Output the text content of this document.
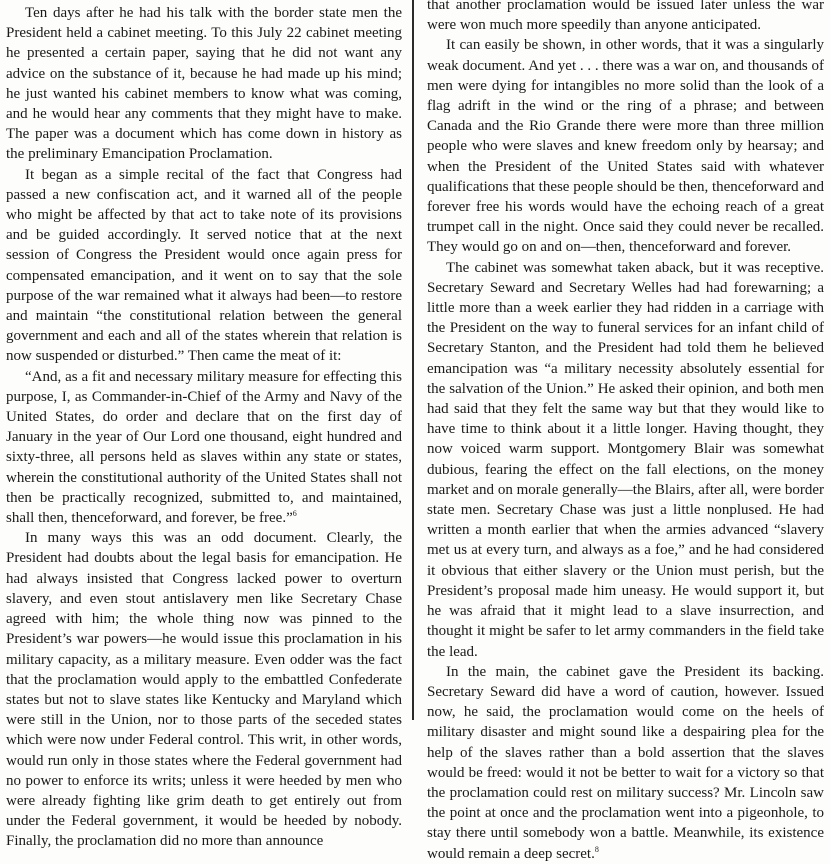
Ten days after he had his talk with the border state men the President held a cabinet meeting. To this July 22 cabinet meeting he presented a certain paper, saying that he did not want any advice on the substance of it, because he had made up his mind; he just wanted his cabinet members to know what was coming, and he would hear any comments that they might have to make. The paper was a document which has come down in history as the preliminary Emancipation Proclamation.

It began as a simple recital of the fact that Congress had passed a new confiscation act, and it warned all of the people who might be affected by that act to take note of its provisions and be guided accordingly. It served notice that at the next session of Congress the President would once again press for compensated emancipation, and it went on to say that the sole purpose of the war remained what it always had been—to restore and maintain “the constitutional relation between the general government and each and all of the states wherein that relation is now suspended or disturbed.” Then came the meat of it:

“And, as a fit and necessary military measure for effecting this purpose, I, as Commander-in-Chief of the Army and Navy of the United States, do order and declare that on the first day of January in the year of Our Lord one thousand, eight hundred and sixty-three, all persons held as slaves within any state or states, wherein the constitutional authority of the United States shall not then be practically recognized, submitted to, and maintained, shall then, thenceforward, and forever, be free.”$^6$

In many ways this was an odd document. Clearly, the President had doubts about the legal basis for emancipation. He had always insisted that Congress lacked power to overturn slavery, and even stout antislavery men like Secretary Chase agreed with him; the whole thing now was pinned to the President’s war powers—he would issue this proclamation in his military capacity, as a military measure. Even odder was the fact that the proclamation would apply to the embattled Confederate states but not to slave states like Kentucky and Maryland which were still in the Union, nor to those parts of the seceded states which were now under Federal control. This writ, in other words, would run only in those states where the Federal government had no power to enforce its writs; unless it were heeded by men who were already fighting like grim death to get entirely out from under the Federal government, it would be heeded by nobody. Finally, the proclamation did no more than announce

that another proclamation would be issued later unless the war were won much more speedily than anyone anticipated.

It can easily be shown, in other words, that it was a singularly weak document. And yet . . . there was a war on, and thousands of men were dying for intangibles no more solid than the look of a flag adrift in the wind or the ring of a phrase; and between Canada and the Rio Grande there were more than three million people who were slaves and knew freedom only by hearsay; and when the President of the United States said with whatever qualifications that these people should be then, thenceforward and forever free his words would have the echoing reach of a great trumpet call in the night. Once said they could never be recalled. They would go on and on—then, thenceforward and forever.

The cabinet was somewhat taken aback, but it was receptive. Secretary Seward and Secretary Welles had had forewarning; a little more than a week earlier they had ridden in a carriage with the President on the way to funeral services for an infant child of Secretary Stanton, and the President had told them he believed emancipation was “a military necessity absolutely essential for the salvation of the Union.” He asked their opinion, and both men had said that they felt the same way but that they would like to have time to think about it a little longer. Having thought, they now voiced warm support. Montgomery Blair was somewhat dubious, fearing the effect on the fall elections, on the money market and on morale generally—the Blairs, after all, were border state men. Secretary Chase was just a little nonplused. He had written a month earlier that when the armies advanced “slavery met us at every turn, and always as a foe,” and he had considered it obvious that either slavery or the Union must perish, but the President’s proposal made him uneasy. He would support it, but he was afraid that it might lead to a slave insurrection, and thought it might be safer to let army commanders in the field take the lead.

In the main, the cabinet gave the President its backing. Secretary Seward did have a word of caution, however. Issued now, he said, the proclamation would come on the heels of military disaster and might sound like a despairing plea for the help of the slaves rather than a bold assertion that the slaves would be freed: would it not be better to wait for a victory so that the proclamation could rest on military success? Mr. Lincoln saw the point at once and the proclamation went into a pigeonhole, to stay there until somebody won a battle. Meanwhile, its existence would remain a deep secret.$^8$
